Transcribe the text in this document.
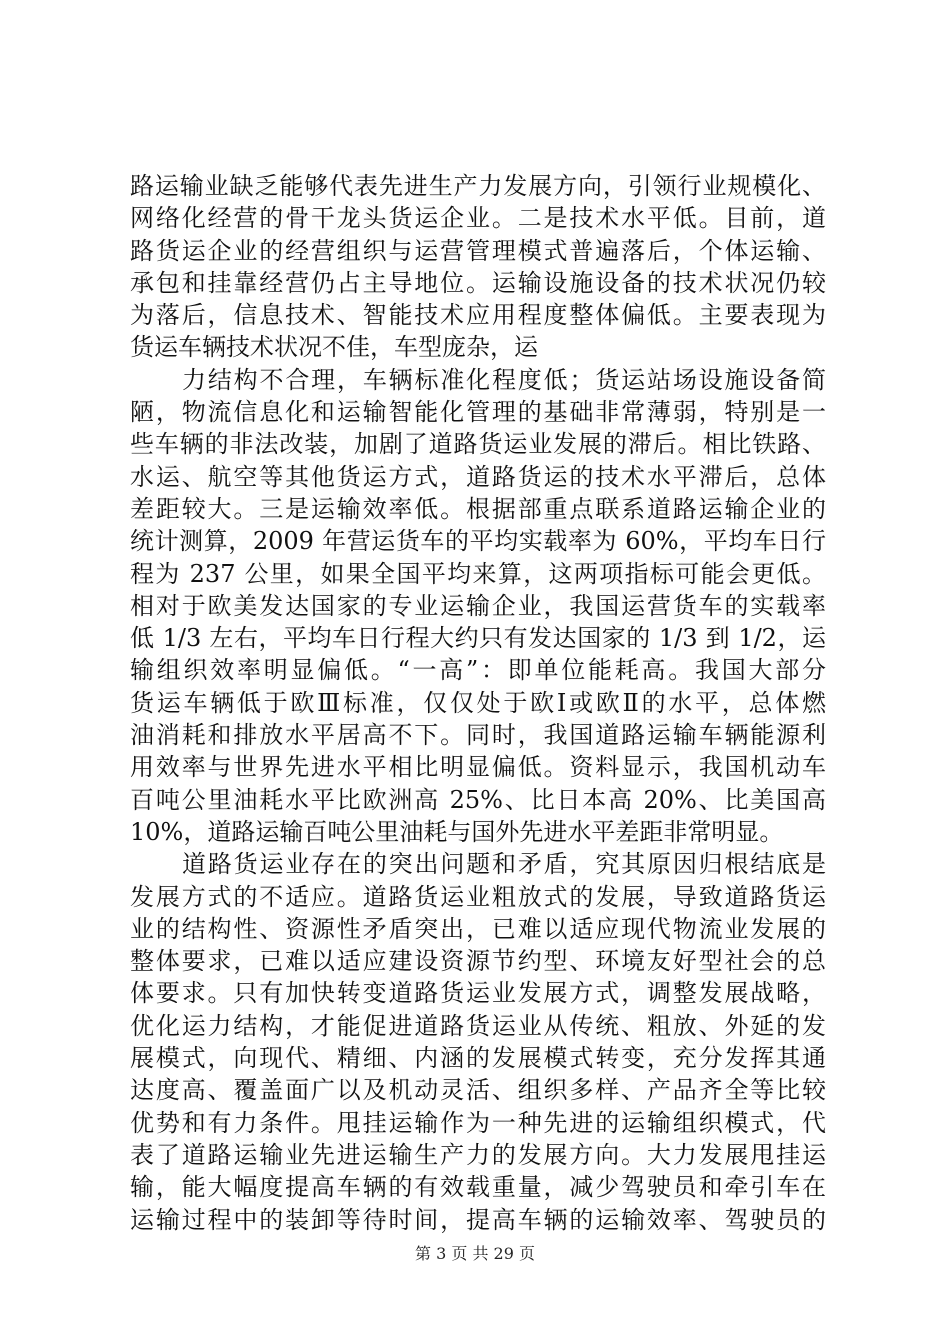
路运输业缺乏能够代表先进生产力发展方向，引领行业规模化、
网络化经营的骨干龙头货运企业。二是技术水平低。目前，道
路货运企业的经营组织与运营管理模式普遍落后，个体运输、
承包和挂靠经营仍占主导地位。运输设施设备的技术状况仍较
为落后，信息技术、智能技术应用程度整体偏低。主要表现为
货运车辆技术状况不佳，车型庞杂，运
力结构不合理，车辆标准化程度低；货运站场设施设备简
陋，物流信息化和运输智能化管理的基础非常薄弱，特别是一
些车辆的非法改装，加剧了道路货运业发展的滞后。相比铁路、
水运、航空等其他货运方式，道路货运的技术水平滞后，总体
差距较大。三是运输效率低。根据部重点联系道路运输企业的
统计测算，2009 年营运货车的平均实载率为 60%，平均车日行
程为 237 公里，如果全国平均来算，这两项指标可能会更低。
相对于欧美发达国家的专业运输企业，我国运营货车的实载率
低 1/3 左右，平均车日行程大约只有发达国家的 1/3 到 1/2，运
输组织效率明显偏低。“一高”：即单位能耗高。我国大部分
货运车辆低于欧Ⅲ标准，仅仅处于欧Ⅰ或欧Ⅱ的水平，总体燃
油消耗和排放水平居高不下。同时，我国道路运输车辆能源利
用效率与世界先进水平相比明显偏低。资料显示，我国机动车
百吨公里油耗水平比欧洲高 25%、比日本高 20%、比美国高
10%，道路运输百吨公里油耗与国外先进水平差距非常明显。
道路货运业存在的突出问题和矛盾，究其原因归根结底是
发展方式的不适应。道路货运业粗放式的发展，导致道路货运
业的结构性、资源性矛盾突出，已难以适应现代物流业发展的
整体要求，已难以适应建设资源节约型、环境友好型社会的总
体要求。只有加快转变道路货运业发展方式，调整发展战略，
优化运力结构，才能促进道路货运业从传统、粗放、外延的发
展模式，向现代、精细、内涵的发展模式转变，充分发挥其通
达度高、覆盖面广以及机动灵活、组织多样、产品齐全等比较
优势和有力条件。甩挂运输作为一种先进的运输组织模式，代
表了道路运输业先进运输生产力的发展方向。大力发展甩挂运
输，能大幅度提高车辆的有效载重量，减少驾驶员和牵引车在
运输过程中的装卸等待时间，提高车辆的运输效率、驾驶员的
第 3 页 共 29 页
